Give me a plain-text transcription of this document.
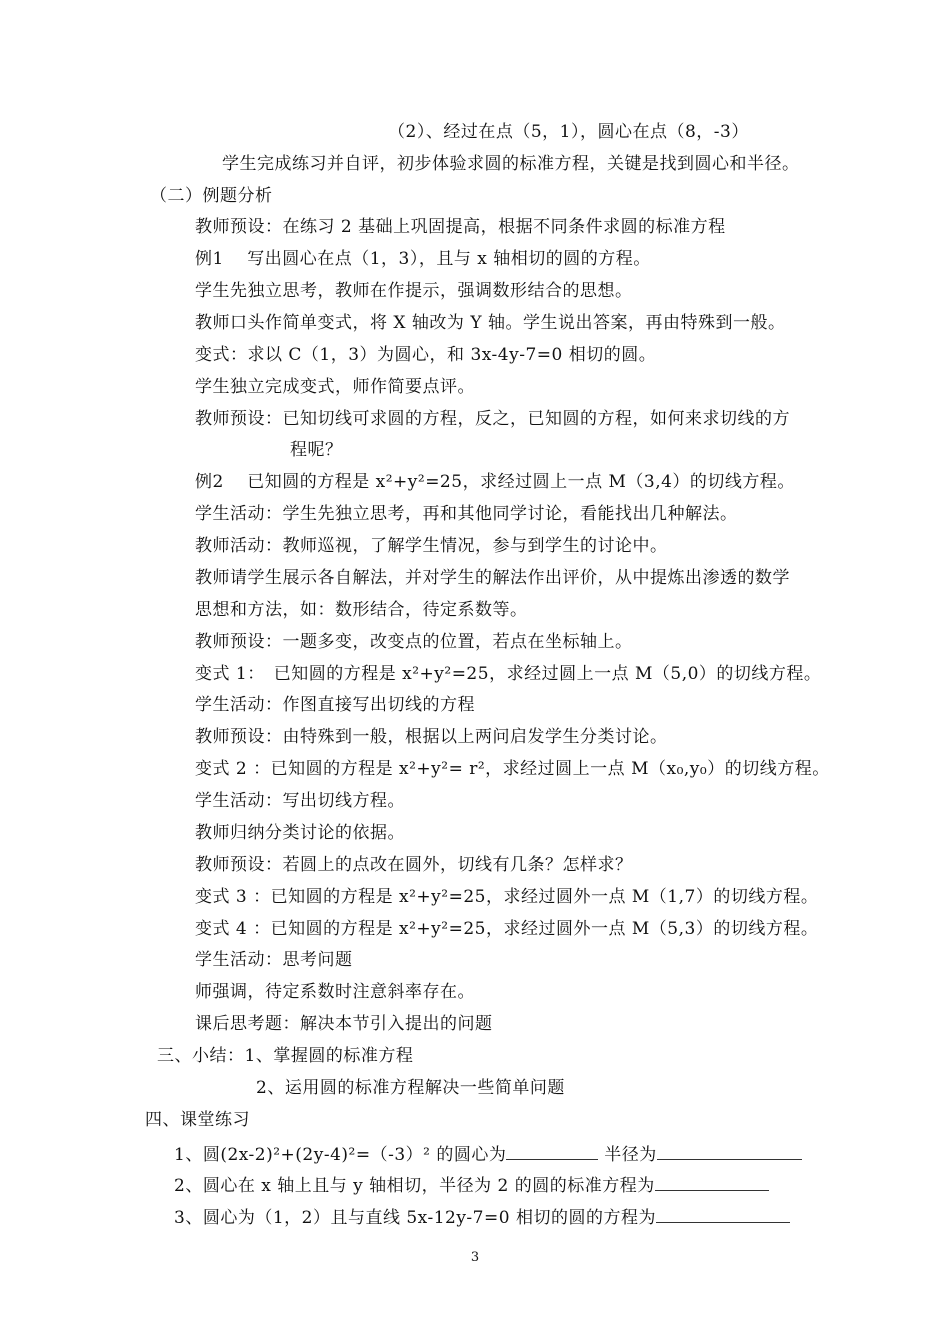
（2）、经过在点（5，1），圆心在点（8，-3）
学生完成练习并自评，初步体验求圆的标准方程，关键是找到圆心和半径。
（二）例题分析
教师预设：在练习 2 基础上巩固提高，根据不同条件求圆的标准方程
例1　 写出圆心在点（1，3），且与 x 轴相切的圆的方程。
学生先独立思考，教师在作提示，强调数形结合的思想。
教师口头作简单变式，将 X 轴改为 Y 轴。学生说出答案，再由特殊到一般。
变式：求以 C（1，3）为圆心，和 3x-4y-7=0 相切的圆。
学生独立完成变式，师作简要点评。
教师预设：已知切线可求圆的方程，反之，已知圆的方程，如何来求切线的方
程呢？
例2　 已知圆的方程是 x²+y²=25，求经过圆上一点 M（3,4）的切线方程。
学生活动：学生先独立思考，再和其他同学讨论，看能找出几种解法。
教师活动：教师巡视，了解学生情况，参与到学生的讨论中。
教师请学生展示各自解法，并对学生的解法作出评价，从中提炼出渗透的数学
思想和方法，如：数形结合，待定系数等。
教师预设：一题多变，改变点的位置，若点在坐标轴上。
变式 1：　已知圆的方程是 x²+y²=25，求经过圆上一点 M（5,0）的切线方程。
学生活动：作图直接写出切线的方程
教师预设：由特殊到一般，根据以上两问启发学生分类讨论。
变式 2 ：已知圆的方程是 x²+y²= r²，求经过圆上一点 M（x₀,y₀）的切线方程。
学生活动：写出切线方程。
教师归纳分类讨论的依据。
教师预设：若圆上的点改在圆外，切线有几条？怎样求？
变式 3 ：已知圆的方程是 x²+y²=25，求经过圆外一点 M（1,7）的切线方程。
变式 4 ：已知圆的方程是 x²+y²=25，求经过圆外一点 M（5,3）的切线方程。
学生活动：思考问题
师强调，待定系数时注意斜率存在。
课后思考题：解决本节引入提出的问题
三、小结：1、掌握圆的标准方程
2、运用圆的标准方程解决一些简单问题
四、课堂练习
1、圆(2x-2)²+(2y-4)²=（-3）² 的圆心为	半径为
2、圆心在 x 轴上且与 y 轴相切，半径为 2 的圆的标准方程为
3、圆心为（1，2）且与直线 5x-12y-7=0 相切的圆的方程为
3
